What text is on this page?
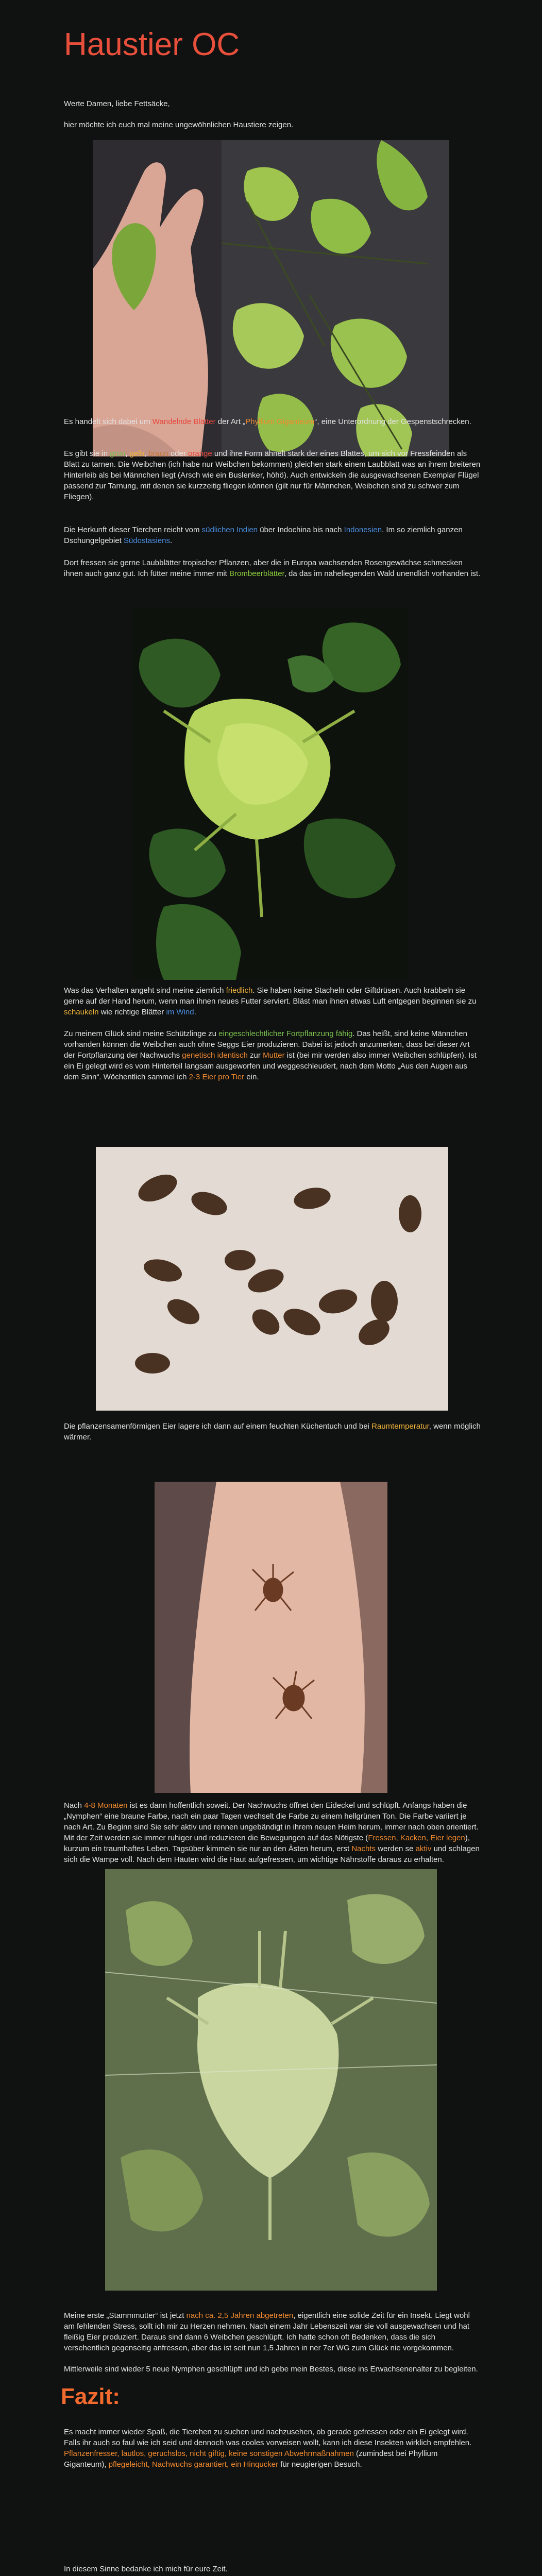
Haustier OC

Werte Damen, liebe Fettsäcke,

hier möchte ich euch mal meine ungewöhnlichen Haustiere zeigen.

Es handelt sich dabei um Wandelnde Blätter der Art „Phyllium Giganteum“, eine Unterordnung der Gespenstschrecken.

Es gibt sie in grün, gelb, braun oder orange und ihre Form ähnelt stark der eines Blattes, um sich vor Fressfeinden als Blatt zu tarnen. Die Weibchen (ich habe nur Weibchen bekommen) gleichen stark einem Laubblatt was an ihrem breiteren Hinterleib als bei Männchen liegt (Arsch wie ein Buslenker, höhö). Auch entwickeln die ausgewachsenen Exemplar Flügel passend zur Tarnung, mit denen sie kurzzeitig fliegen können (gilt nur für Männchen, Weibchen sind zu schwer zum Fliegen).

Die Herkunft dieser Tierchen reicht vom südlichen Indien über Indochina bis nach Indonesien. Im so ziemlich ganzen Dschungelgebiet Südostasiens.

Dort fressen sie gerne Laubblätter tropischer Pflanzen, aber die in Europa wachsenden Rosengewächse schmecken ihnen auch ganz gut. Ich fütter meine immer mit Brombeerblätter, da das im naheliegenden Wald unendlich vorhanden ist.

Was das Verhalten angeht sind meine ziemlich friedlich. Sie haben keine Stacheln oder Giftdrüsen. Auch krabbeln sie gerne auf der Hand herum, wenn man ihnen neues Futter serviert. Bläst man ihnen etwas Luft entgegen beginnen sie zu schaukeln wie richtige Blätter im Wind.

Zu meinem Glück sind meine Schützlinge zu eingeschlechtlicher Fortpflanzung fähig. Das heißt, sind keine Männchen vorhanden können die Weibchen auch ohne Seggs Eier produzieren. Dabei ist jedoch anzumerken, dass bei dieser Art der Fortpflanzung der Nachwuchs genetisch identisch zur Mutter ist (bei mir werden also immer Weibchen schlüpfen). Ist ein Ei gelegt wird es vom Hinterteil langsam ausgeworfen und weggeschleudert, nach dem Motto „Aus den Augen aus dem Sinn“. Wöchentlich sammel ich 2-3 Eier pro Tier ein.

Die pflanzensamenförmigen Eier lagere ich dann auf einem feuchten Küchentuch und bei Raumtemperatur, wenn möglich wärmer.

Nach 4-8 Monaten ist es dann hoffentlich soweit. Der Nachwuchs öffnet den Eideckel und schlüpft. Anfangs haben die „Nymphen“ eine braune Farbe, nach ein paar Tagen wechselt die Farbe zu einem hellgrünen Ton. Die Farbe variiert je nach Art. Zu Beginn sind Sie sehr aktiv und rennen ungebändigt in ihrem neuen Heim herum, immer nach oben orientiert. Mit der Zeit werden sie immer ruhiger und reduzieren die Bewegungen auf das Nötigste (Fressen, Kacken, Eier legen), kurzum ein traumhaftes Leben. Tagsüber kimmeln sie nur an den Ästen herum, erst Nachts werden se aktiv und schlagen sich die Wampe voll. Nach dem Häuten wird die Haut aufgefressen, um wichtige Nährstoffe daraus zu erhalten.

Meine erste „Stammmutter“ ist jetzt nach ca. 2,5 Jahren abgetreten, eigentlich eine solide Zeit für ein Insekt. Liegt wohl am fehlenden Stress, sollt ich mir zu Herzen nehmen. Nach einem Jahr Lebenszeit war sie voll ausgewachsen und hat fleißig Eier produziert. Daraus sind dann 6 Weibchen geschlüpft. Ich hatte schon oft Bedenken, dass die sich versehentlich gegenseitig anfressen, aber das ist seit nun 1,5 Jahren in ner 7er WG zum Glück nie vorgekommen.

Mittlerweile sind wieder 5 neue Nymphen geschlüpft und ich gebe mein Bestes, diese ins Erwachsenenalter zu begleiten.

Fazit:

Es macht immer wieder Spaß, die Tierchen zu suchen und nachzusehen, ob gerade gefressen oder ein Ei gelegt wird. Falls ihr auch so faul wie ich seid und dennoch was cooles vorweisen wollt, kann ich diese Insekten wirklich empfehlen. Pflanzenfresser, lautlos, geruchslos, nicht giftig, keine sonstigen Abwehrmaßnahmen (zumindest bei Phyllium Giganteum), pflegeleicht, Nachwuchs garantiert, ein Hinqucker für neugierigen Besuch.

In diesem Sinne bedanke ich mich für eure Zeit.
